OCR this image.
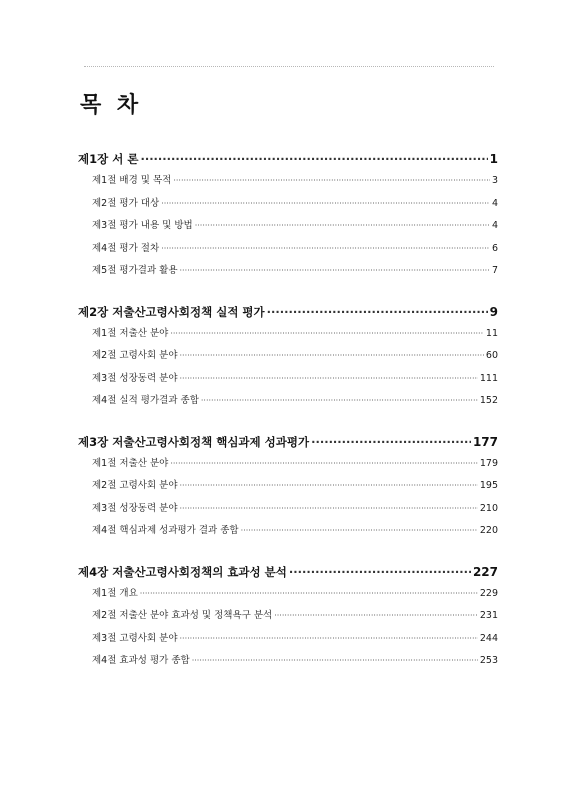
목 차
제1장 서 론 ·····	1
제1절 배경 및 목적 ·····	3
제2절 평가 대상 ·····	4
제3절 평가 내용 및 방법 ·····	4
제4절 평가 절차 ·····	6
제5절 평가결과 활용 ·····	7
제2장 저출산고령사회정책 실적 평가 ·····	9
제1절 저출산 분야 ·····	11
제2절 고령사회 분야 ·····	60
제3절 성장동력 분야 ·····	111
제4절 실적 평가결과 종합 ·····	152
제3장 저출산고령사회정책 핵심과제 성과평가 ·····	177
제1절 저출산 분야 ·····	179
제2절 고령사회 분야 ·····	195
제3절 성장동력 분야 ·····	210
제4절 핵심과제 성과평가 결과 종합 ·····	220
제4장 저출산고령사회정책의 효과성 분석 ·····	227
제1절 개요 ·····	229
제2절 저출산 분야 효과성 및 정책욕구 분석 ·····	231
제3절 고령사회 분야 ·····	244
제4절 효과성 평가 종합 ·····	253
